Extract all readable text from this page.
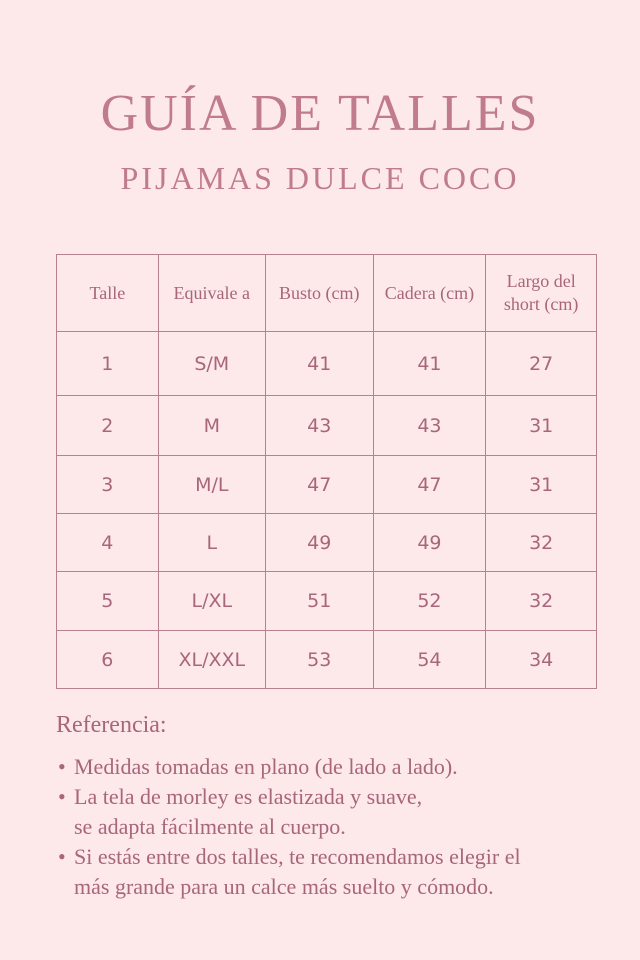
GUÍA DE TALLES
PIJAMAS DULCE COCO
Talle	Equivale a	Busto (cm)	Cadera (cm)	Largo del
short (cm)

1	S/M	41	41	27
2	M	43	43	31
3	M/L	47	47	31
4	L	49	49	32
5	L/XL	51	52	32
6	XL/XXL	53	54	34
Referencia:
• Medidas tomadas en plano (de lado a lado).
• La tela de morley es elastizada y suave,
se adapta fácilmente al cuerpo.
• Si estás entre dos talles, te recomendamos elegir el
más grande para un calce más suelto y cómodo.
